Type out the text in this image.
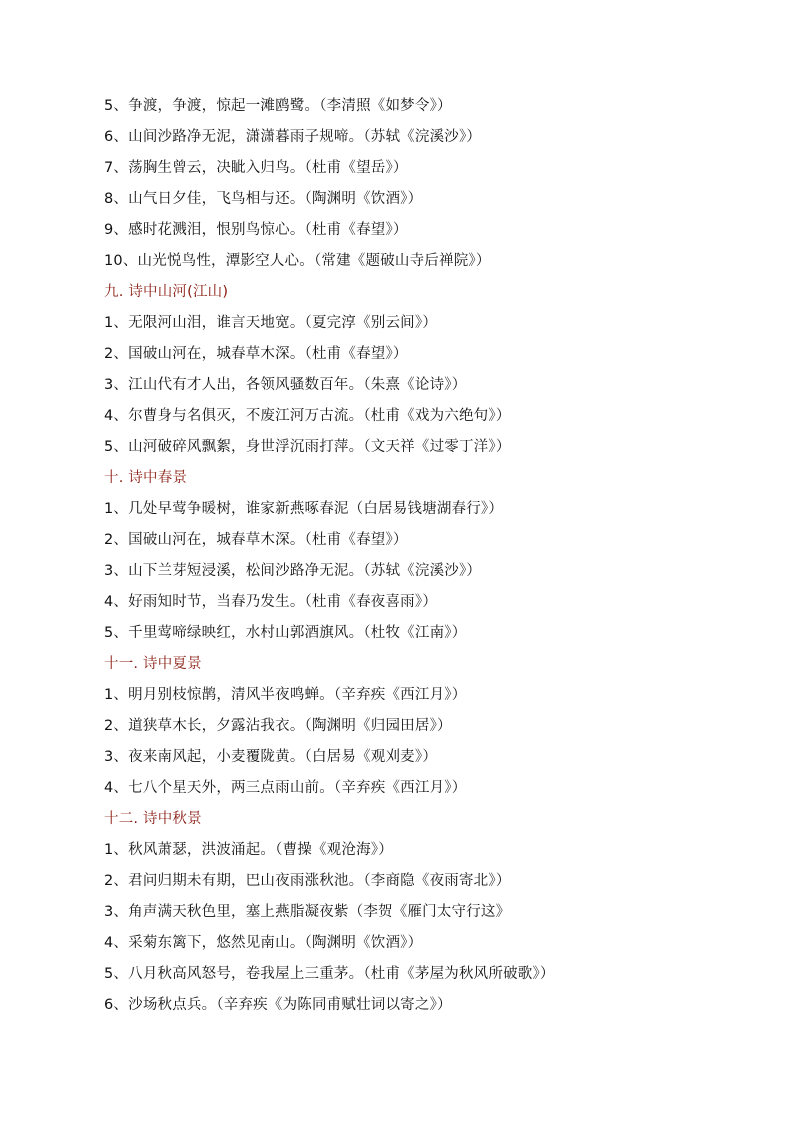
5、争渡，争渡，惊起一滩鸥鹭。（李清照《如梦令》）
6、山间沙路净无泥，潇潇暮雨子规啼。（苏轼《浣溪沙》）
7、荡胸生曾云，决眦入归鸟。（杜甫《望岳》）
8、山气日夕佳，飞鸟相与还。（陶渊明《饮酒》）
9、感时花溅泪，恨别鸟惊心。（杜甫《春望》）
10、山光悦鸟性，潭影空人心。（常建《题破山寺后禅院》）
九. 诗中山河(江山)
1、无限河山泪，谁言天地宽。（夏完淳《别云间》）
2、国破山河在，城春草木深。（杜甫《春望》）
3、江山代有才人出，各领风骚数百年。（朱熹《论诗》）
4、尔曹身与名俱灭，不废江河万古流。（杜甫《戏为六绝句》）
5、山河破碎风飘絮，身世浮沉雨打萍。（文天祥《过零丁洋》）
十. 诗中春景
1、几处早莺争暖树，谁家新燕啄春泥（白居易钱塘湖春行》）
2、国破山河在，城春草木深。（杜甫《春望》）
3、山下兰芽短浸溪，松间沙路净无泥。（苏轼《浣溪沙》）
4、好雨知时节，当春乃发生。（杜甫《春夜喜雨》）
5、千里莺啼绿映红，水村山郭酒旗风。（杜牧《江南》）
十一. 诗中夏景
1、明月别枝惊鹊，清风半夜鸣蝉。（辛弃疾《西江月》）
2、道狭草木长，夕露沾我衣。（陶渊明《归园田居》）
3、夜来南风起，小麦覆陇黄。（白居易《观刈麦》）
4、七八个星天外，两三点雨山前。（辛弃疾《西江月》）
十二. 诗中秋景
1、秋风萧瑟，洪波涌起。（曹操《观沧海》）
2、君问归期未有期，巴山夜雨涨秋池。（李商隐《夜雨寄北》）
3、角声满天秋色里，塞上燕脂凝夜紫（李贺《雁门太守行这》
4、采菊东篱下，悠然见南山。（陶渊明《饮酒》）
5、八月秋高风怒号，卷我屋上三重茅。（杜甫《茅屋为秋风所破歌》）
6、沙场秋点兵。（辛弃疾《为陈同甫赋壮词以寄之》）
